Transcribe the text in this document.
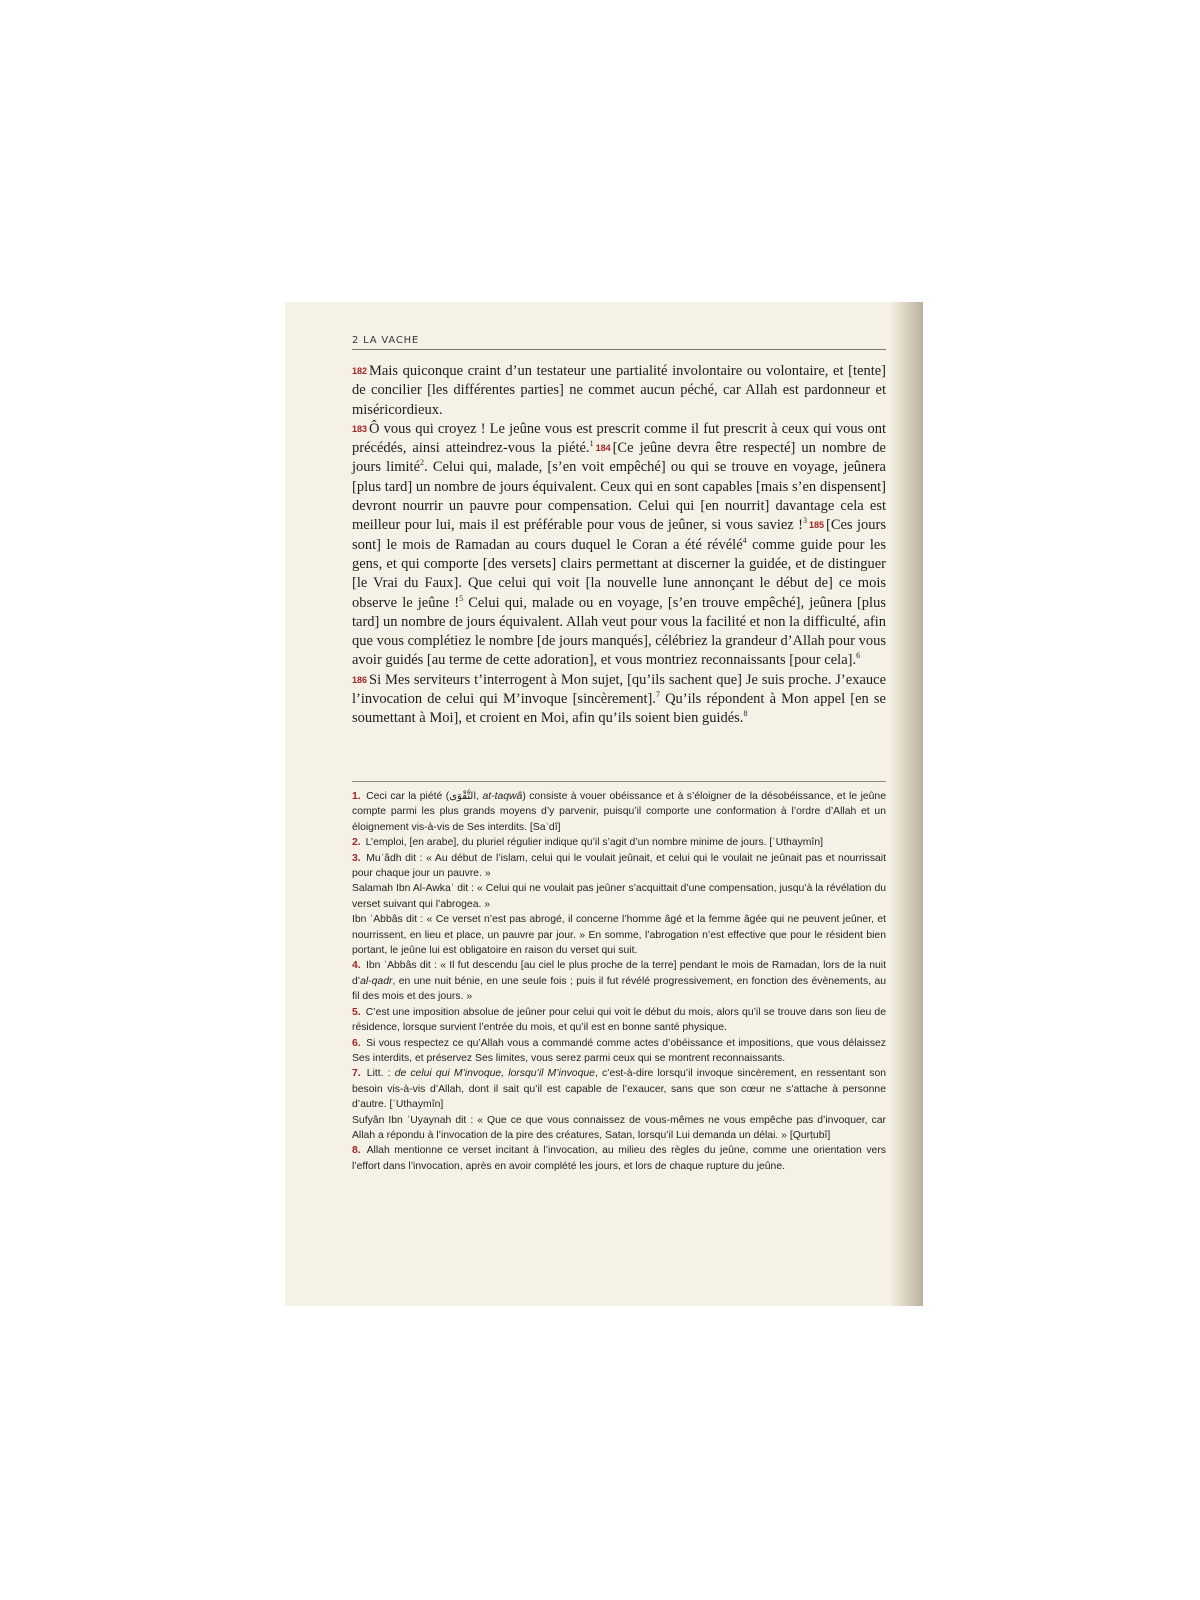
2 LA VACHE

182 Mais quiconque craint d’un testateur une partialité involontaire ou volontaire, et [tente] de concilier [les différentes parties] ne commet aucun péché, car Allah est pardonneur et miséricordieux.

183 Ô vous qui croyez ! Le jeûne vous est prescrit comme il fut prescrit à ceux qui vous ont précédés, ainsi atteindrez-vous la piété.$^1$ 184 [Ce jeûne devra être respecté] un nombre de jours limité$^2$. Celui qui, malade, [s’en voit empêché] ou qui se trouve en voyage, jeûnera [plus tard] un nombre de jours équivalent. Ceux qui en sont capables [mais s’en dispensent] devront nourrir un pauvre pour compensation. Celui qui [en nourrit] davantage cela est meilleur pour lui, mais il est préférable pour vous de jeûner, si vous saviez !$^3$ 185 [Ces jours sont] le mois de Ramadan au cours duquel le Coran a été révélé$^4$ comme guide pour les gens, et qui comporte [des versets] clairs permettant at discerner la guidée, et de distinguer [le Vrai du Faux]. Que celui qui voit [la nouvelle lune annonçant le début de] ce mois observe le jeûne !$^5$ Celui qui, malade ou en voyage, [s’en trouve empêché], jeûnera [plus tard] un nombre de jours équivalent. Allah veut pour vous la facilité et non la difficulté, afin que vous complétiez le nombre [de jours manqués], célébriez la grandeur d’Allah pour vous avoir guidés [au terme de cette adoration], et vous montriez reconnaissants [pour cela].$^6$

186 Si Mes serviteurs t’interrogent à Mon sujet, [qu’ils sachent que] Je suis proche. J’exauce l’invocation de celui qui M’invoque [sincèrement].$^7$ Qu’ils répondent à Mon appel [en se soumettant à Moi], et croient en Moi, afin qu’ils soient bien guidés.$^8$

1. Ceci car la piété (التَّقْوَى, at-taqwâ) consiste à vouer obéissance et à s’éloigner de la désobéissance, et le jeûne compte parmi les plus grands moyens d’y parvenir, puisqu’il comporte une conformation à l’ordre d’Allah et un éloignement vis-à-vis de Ses interdits. [Saʿdî]

2. L’emploi, [en arabe], du pluriel régulier indique qu’il s’agit d’un nombre minime de jours. [ʿUthaymîn]

3. Muʿâdh dit : « Au début de l’islam, celui qui le voulait jeûnait, et celui qui le voulait ne jeûnait pas et nourrissait pour chaque jour un pauvre. »

Salamah Ibn Al-Awkaʿ dit : « Celui qui ne voulait pas jeûner s’acquittait d’une compensation, jusqu’à la révélation du verset suivant qui l’abrogea. »

Ibn ʿAbbâs dit : « Ce verset n’est pas abrogé, il concerne l’homme âgé et la femme âgée qui ne peuvent jeûner, et nourrissent, en lieu et place, un pauvre par jour. » En somme, l’abrogation n’est effective que pour le résident bien portant, le jeûne lui est obligatoire en raison du verset qui suit.

4. Ibn ʿAbbâs dit : « Il fut descendu [au ciel le plus proche de la terre] pendant le mois de Ramadan, lors de la nuit d’al-qadr, en une nuit bénie, en une seule fois ; puis il fut révélé progressivement, en fonction des évènements, au fil des mois et des jours. »

5. C’est une imposition absolue de jeûner pour celui qui voit le début du mois, alors qu’il se trouve dans son lieu de résidence, lorsque survient l’entrée du mois, et qu’il est en bonne santé physique.

6. Si vous respectez ce qu’Allah vous a commandé comme actes d’obéissance et impositions, que vous délaissez Ses interdits, et préservez Ses limites, vous serez parmi ceux qui se montrent reconnaissants.

7. Litt. : de celui qui M’invoque, lorsqu’il M’invoque, c’est-à-dire lorsqu’il invoque sincèrement, en ressentant son besoin vis-à-vis d’Allah, dont il sait qu’il est capable de l’exaucer, sans que son cœur ne s’attache à personne d’autre. [ʿUthaymîn]

Sufyân Ibn ʿUyaynah dit : « Que ce que vous connaissez de vous-mêmes ne vous empêche pas d’invoquer, car Allah a répondu à l’invocation de la pire des créatures, Satan, lorsqu’il Lui demanda un délai. » [Qurṭubî]

8. Allah mentionne ce verset incitant à l’invocation, au milieu des règles du jeûne, comme une orientation vers l’effort dans l’invocation, après en avoir complété les jours, et lors de chaque rupture du jeûne.
